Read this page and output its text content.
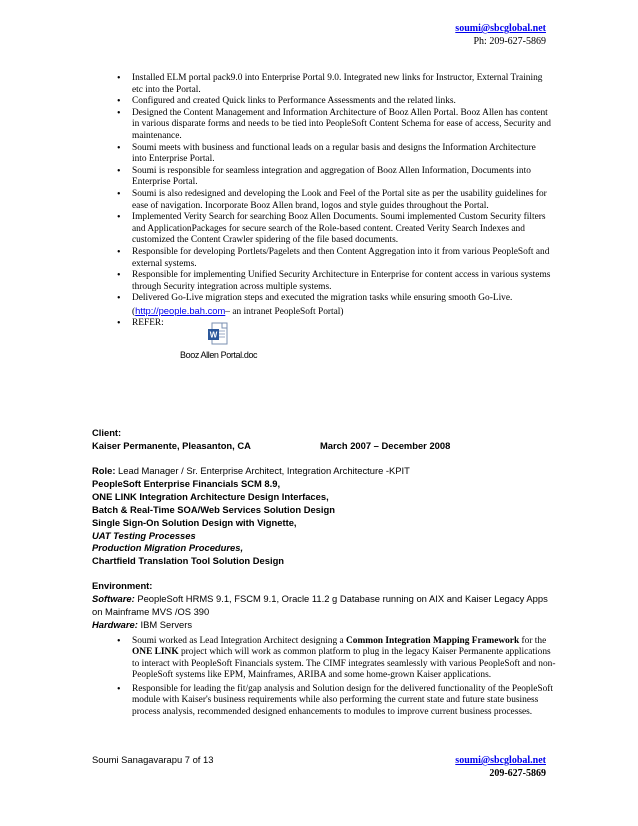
soumi@sbcglobal.net
Ph: 209-627-5869
• Installed ELM portal pack9.0 into Enterprise Portal 9.0. Integrated new links for Instructor, External Training etc into the Portal.
• Configured and created Quick links to Performance Assessments and the related links.
• Designed the Content Management and Information Architecture of Booz Allen Portal. Booz Allen has content in various disparate forms and needs to be tied into PeopleSoft Content Schema for ease of access, Security and maintenance.
• Soumi meets with business and functional leads on a regular basis and designs the Information Architecture into Enterprise Portal.
• Soumi is responsible for seamless integration and aggregation of Booz Allen Information, Documents into Enterprise Portal.
• Soumi is also redesigned and developing the Look and Feel of the Portal site as per the usability guidelines for ease of navigation. Incorporate Booz Allen brand, logos and style guides throughout the Portal.
• Implemented Verity Search for searching Booz Allen Documents. Soumi implemented Custom Security filters and ApplicationPackages for secure search of the Role-based content. Created Verity Search Indexes and customized the Content Crawler spidering of the file based documents.
• Responsible for developing Portlets/Pagelets and then Content Aggregation into it from various PeopleSoft and external systems.
• Responsible for implementing Unified Security Architecture in Enterprise for content access in various systems through Security integration across multiple systems.
• Delivered Go-Live migration steps and executed the migration tasks while ensuring smooth Go-Live.
(http://people.bah.com– an intranet PeopleSoft Portal)
• REFER:
W
Booz Allen Portal.doc
Client:
Kaiser Permanente, Pleasanton, CA	March 2007 – December 2008
Role: Lead Manager / Sr. Enterprise Architect, Integration Architecture -KPIT
PeopleSoft Enterprise Financials SCM 8.9,
ONE LINK Integration Architecture Design Interfaces,
Batch & Real-Time SOA/Web Services Solution Design
Single Sign-On Solution Design with Vignette,
UAT Testing Processes
Production Migration Procedures,
Chartfield Translation Tool Solution Design
Environment:
Software: PeopleSoft HRMS 9.1, FSCM 9.1, Oracle 11.2 g Database running on AIX and Kaiser Legacy Apps
on Mainframe MVS /OS 390
Hardware: IBM Servers
• Soumi worked as Lead Integration Architect designing a Common Integration Mapping Framework for the ONE LINK project which will work as common platform to plug in the legacy Kaiser Permanente applications to interact with PeopleSoft Financials system. The CIMF integrates seamlessly with various PeopleSoft and non-PeopleSoft systems like EPM, Mainframes, ARIBA and some home-grown Kaiser applications.
• Responsible for leading the fit/gap analysis and Solution design for the delivered functionality of the PeopleSoft module with Kaiser's business requirements while also performing the current state and future state business process analysis, recommended designed enhancements to modules to improve current business processes.
Soumi Sanagavarapu 7 of 13	soumi@sbcglobal.net
209-627-5869
